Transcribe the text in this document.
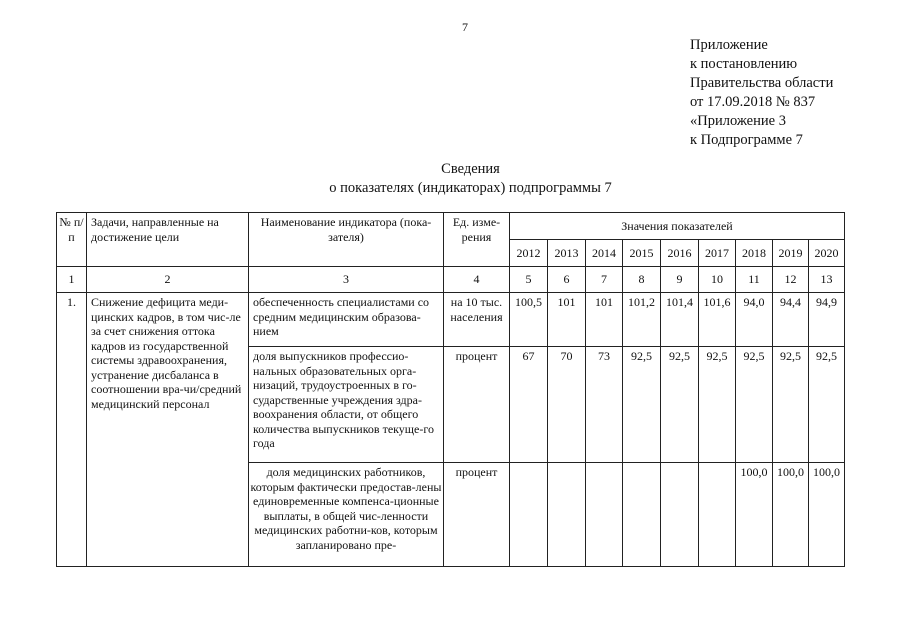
7
Приложение
к постановлению
Правительства области
от 17.09.2018 № 837
«Приложение 3
к Подпрограмме 7
Сведения
о показателях (индикаторах) подпрограммы 7
№ п/п	Задачи, направленные на достижение цели	Наименование индикатора (пока-зателя)	Ед. изме-рения	Значения показателей								
				2012	2013	2014	2015	2016	2017	2018	2019	2020
1	2	3	4	5	6	7	8	9	10	11	12	13
1.	Снижение дефицита меди-цинских кадров, в том чис-ле за счет снижения оттока кадров из государственной системы здравоохранения, устранение дисбаланса в соотношении вра-чи/средний медицинский персонал	обеспеченность специалистами со средним медицинским образова-нием	на 10 тыс. населения	100,5	101	101	101,2	101,4	101,6	94,0	94,4	94,9
		доля выпускников профессио-нальных образовательных орга-низаций, трудоустроенных в го-сударственные учреждения здра-воохранения области, от общего количества выпускников текуще-го года	процент	67	70	73	92,5	92,5	92,5	92,5	92,5	92,5
		доля медицинских работников, которым фактически предостав-лены единовременные компенса-ционные выплаты, в общей чис-ленности медицинских работни-ков, которым запланировано пре-	процент							100,0	100,0	100,0
